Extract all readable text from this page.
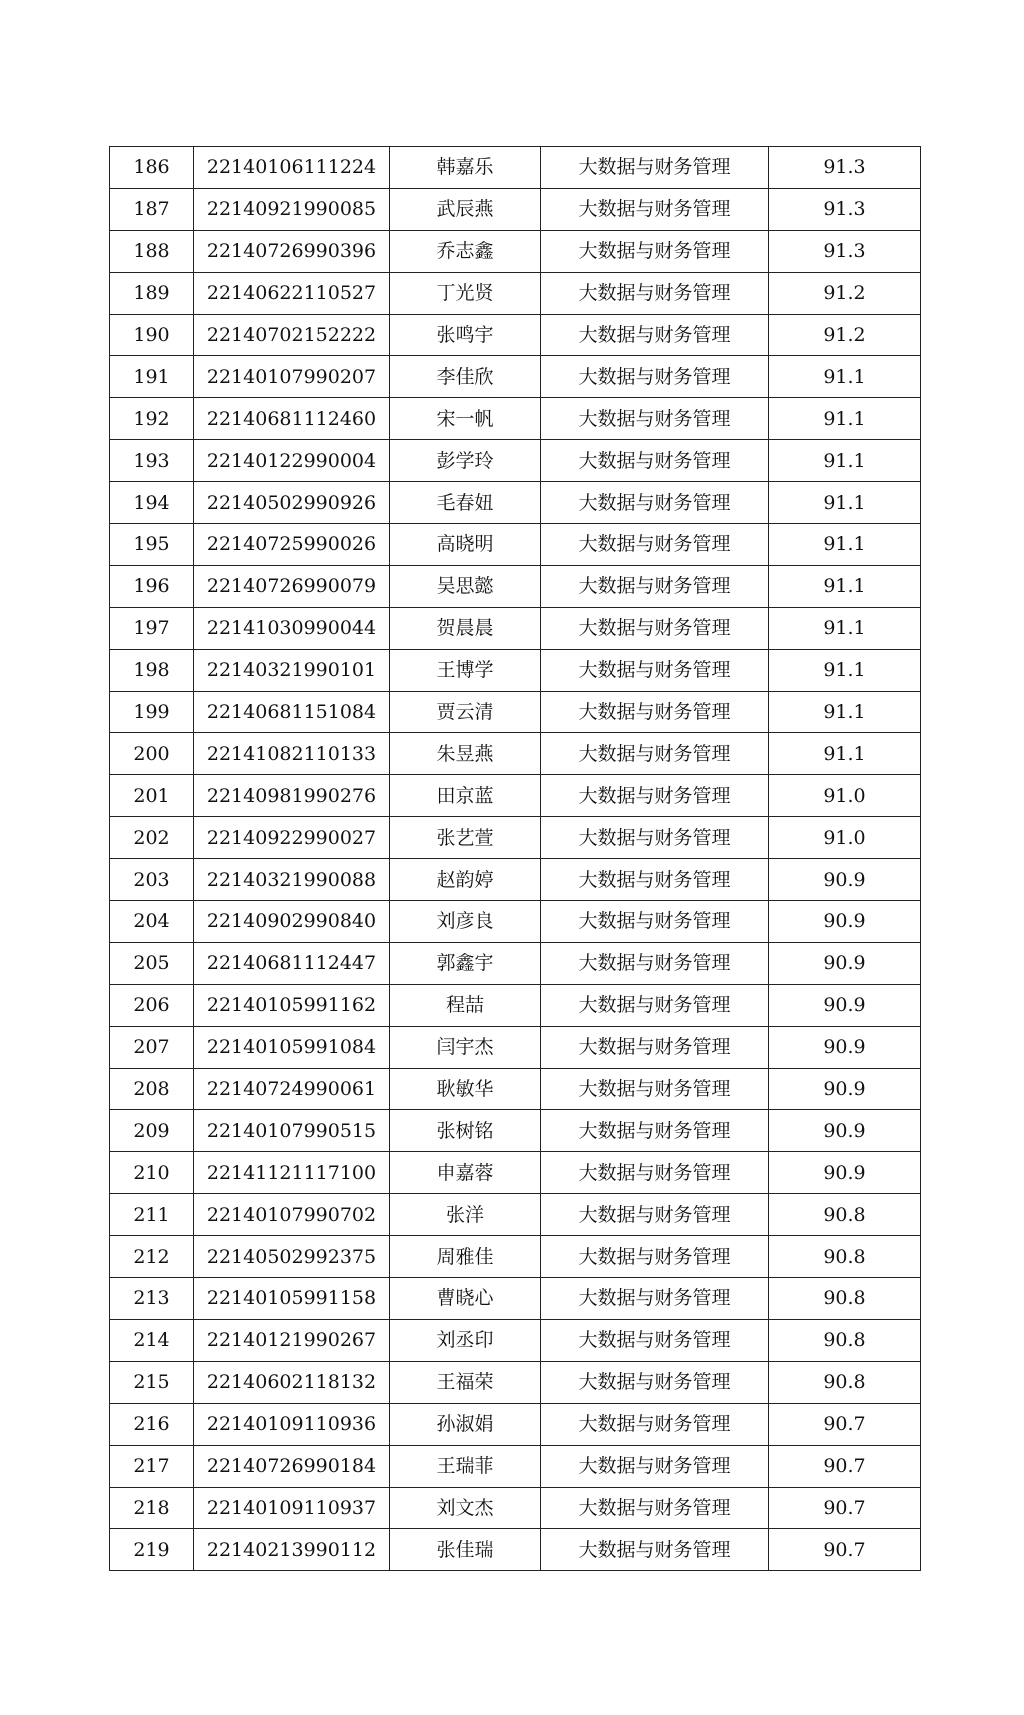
186	22140106111224	韩嘉乐	大数据与财务管理	91.3
187	22140921990085	武辰燕	大数据与财务管理	91.3
188	22140726990396	乔志鑫	大数据与财务管理	91.3
189	22140622110527	丁光贤	大数据与财务管理	91.2
190	22140702152222	张鸣宇	大数据与财务管理	91.2
191	22140107990207	李佳欣	大数据与财务管理	91.1
192	22140681112460	宋一帆	大数据与财务管理	91.1
193	22140122990004	彭学玲	大数据与财务管理	91.1
194	22140502990926	毛春妞	大数据与财务管理	91.1
195	22140725990026	高晓明	大数据与财务管理	91.1
196	22140726990079	吴思懿	大数据与财务管理	91.1
197	22141030990044	贺晨晨	大数据与财务管理	91.1
198	22140321990101	王博学	大数据与财务管理	91.1
199	22140681151084	贾云清	大数据与财务管理	91.1
200	22141082110133	朱昱燕	大数据与财务管理	91.1
201	22140981990276	田京蓝	大数据与财务管理	91.0
202	22140922990027	张艺萱	大数据与财务管理	91.0
203	22140321990088	赵韵婷	大数据与财务管理	90.9
204	22140902990840	刘彦良	大数据与财务管理	90.9
205	22140681112447	郭鑫宇	大数据与财务管理	90.9
206	22140105991162	程喆	大数据与财务管理	90.9
207	22140105991084	闫宇杰	大数据与财务管理	90.9
208	22140724990061	耿敏华	大数据与财务管理	90.9
209	22140107990515	张树铭	大数据与财务管理	90.9
210	22141121117100	申嘉蓉	大数据与财务管理	90.9
211	22140107990702	张洋	大数据与财务管理	90.8
212	22140502992375	周雅佳	大数据与财务管理	90.8
213	22140105991158	曹晓心	大数据与财务管理	90.8
214	22140121990267	刘丞印	大数据与财务管理	90.8
215	22140602118132	王福荣	大数据与财务管理	90.8
216	22140109110936	孙淑娟	大数据与财务管理	90.7
217	22140726990184	王瑞菲	大数据与财务管理	90.7
218	22140109110937	刘文杰	大数据与财务管理	90.7
219	22140213990112	张佳瑞	大数据与财务管理	90.7
